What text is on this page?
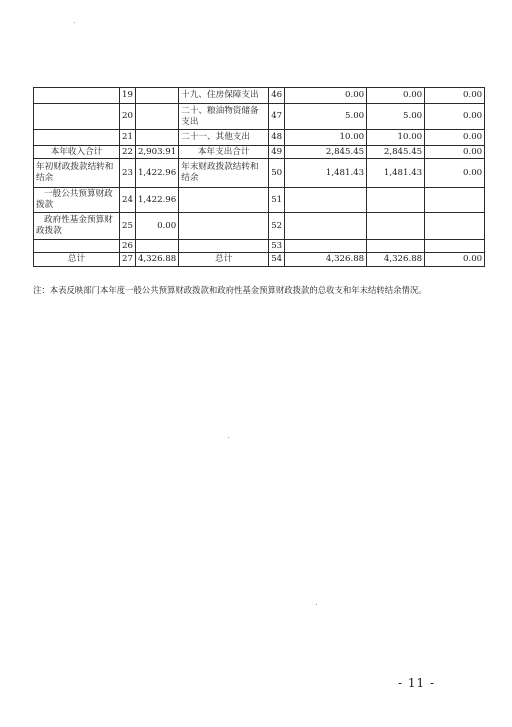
	19		十九、住房保障支出	46	0.00	0.00	0.00
	20		二十、粮油物资储备支出	47	5.00	5.00	0.00
	21		二十一、其他支出	48	10.00	10.00	0.00
本年收入合计	22	2,903.91	本年支出合计	49	2,845.45	2,845.45	0.00
年初财政拨款结转和结余	23	1,422.96	年末财政拨款结转和结余	50	1,481.43	1,481.43	0.00
一般公共预算财政拨款	24	1,422.96		51			
政府性基金预算财政拨款	25	0.00		52			
	26			53			
总计	27	4,326.88	总计	54	4,326.88	4,326.88	0.00
注：本表反映部门本年度一般公共预算财政拨款和政府性基金预算财政拨款的总收支和年末结转结余情况。
- 11 -
